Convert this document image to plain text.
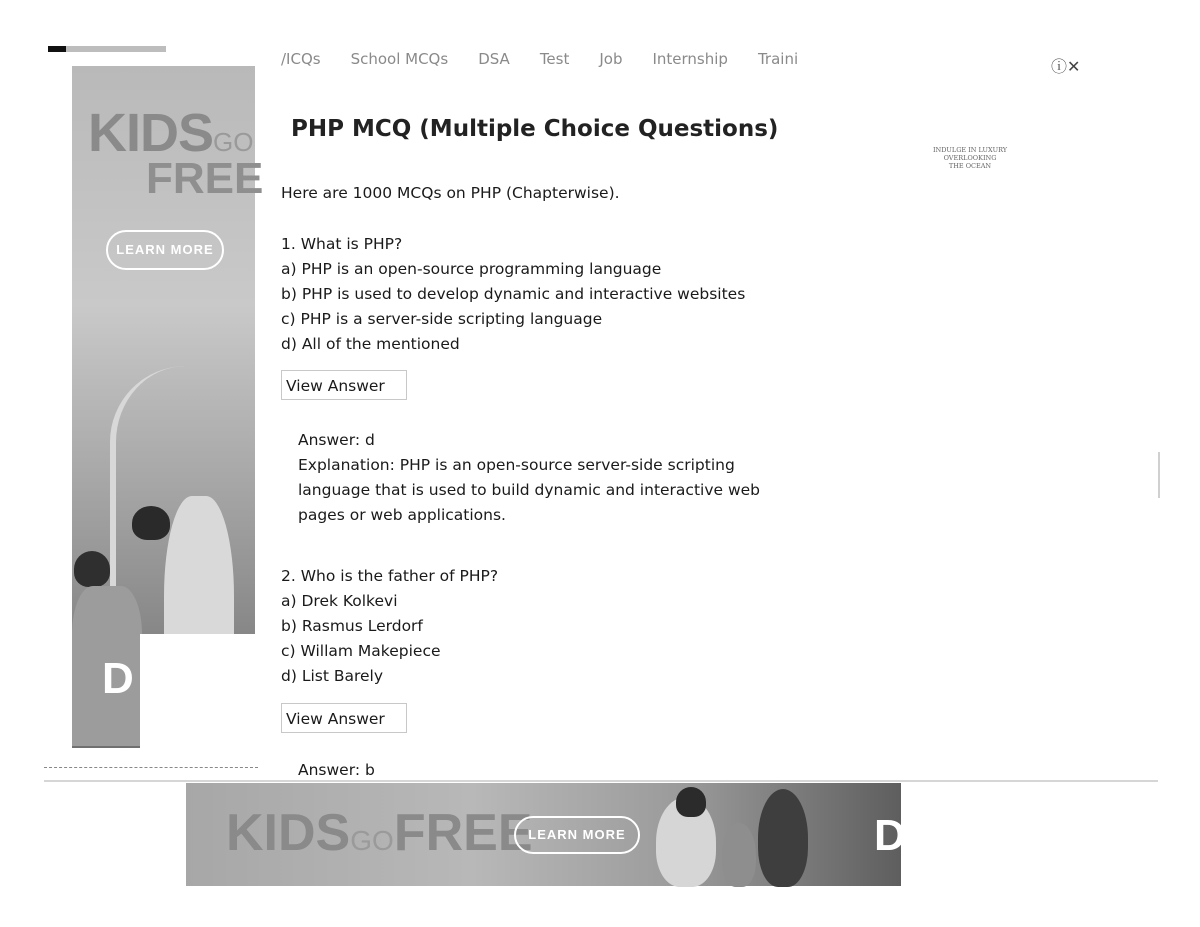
/ICQs School MCQs DSA Test Job Internship Traini
KIDSGO
FREE
LEARN MORE
D
PHP MCQ (Multiple Choice Questions)
Here are 1000 MCQs on PHP (Chapterwise).
1. What is PHP?
a) PHP is an open-source programming language
b) PHP is used to develop dynamic and interactive websites
c) PHP is a server-side scripting language
d) All of the mentioned
View Answer
Answer: d
Explanation: PHP is an open-source server-side scripting
language that is used to build dynamic and interactive web
pages or web applications.
2. Who is the father of PHP?
a) Drek Kolkevi
b) Rasmus Lerdorf
c) Willam Makepiece
d) List Barely
View Answer
Answer: b
ⓘ✕
INDULGE IN LUXURY
OVERLOOKING
THE OCEAN
KIDSGOFREE
LEARN MORE	D
